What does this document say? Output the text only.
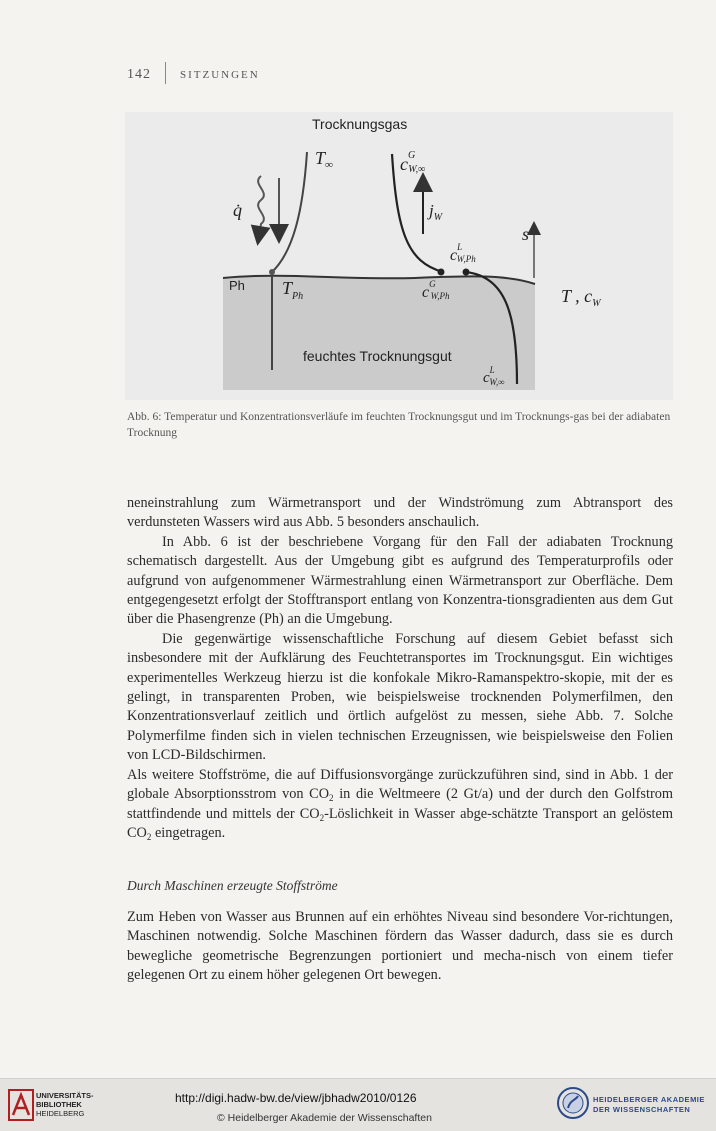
142	SITZUNGEN
Trocknungsgas
$T_\infty$	$c^G$ W,∞
q̇	$j_W$
$c^L$ W,Ph
s
$T_{Ph}$	$c^G$ W,Ph	T , $c_W$
$c^L$ W,∞
Ph
feuchtes Trocknungsgut
Abb. 6: Temperatur und Konzentrationsverläufe im feuchten Trocknungsgut und im Trocknungs-gas bei der adiabaten Trocknung

neneinstrahlung zum Wärmetransport und der Windströmung zum Abtransport des verdunsteten Wassers wird aus Abb. 5 besonders anschaulich.

In Abb. 6 ist der beschriebene Vorgang für den Fall der adiabaten Trocknung schematisch dargestellt. Aus der Umgebung gibt es aufgrund des Temperaturprofils oder aufgrund von aufgenommener Wärmestrahlung einen Wärmetransport zur Oberfläche. Dem entgegengesetzt erfolgt der Stofftransport entlang von Konzentra-tionsgradienten aus dem Gut über die Phasengrenze (Ph) an die Umgebung.

Die gegenwärtige wissenschaftliche Forschung auf diesem Gebiet befasst sich insbesondere mit der Aufklärung des Feuchtetransportes im Trocknungsgut. Ein wichtiges experimentelles Werkzeug hierzu ist die konfokale Mikro-Ramanspektro-skopie, mit der es gelingt, in transparenten Proben, wie beispielsweise trocknenden Polymerfilmen, den Konzentrationsverlauf zeitlich und örtlich aufgelöst zu messen, siehe Abb. 7. Solche Polymerfilme finden sich in vielen technischen Erzeugnissen, wie beispielsweise den Folien von LCD-Bildschirmen.

Als weitere Stoffströme, die auf Diffusionsvorgänge zurückzuführen sind, sind in Abb. 1 der globale Absorptionsstrom von $CO_2$ in die Weltmeere (2 Gt/a) und der durch den Golfstrom stattfindende und mittels der $CO_2$-Löslichkeit in Wasser abge-schätzte Transport an gelöstem $CO_2$ eingetragen.

Durch Maschinen erzeugte Stoffströme

Zum Heben von Wasser aus Brunnen auf ein erhöhtes Niveau sind besondere Vor-richtungen, Maschinen notwendig. Solche Maschinen fördern das Wasser dadurch, dass sie es durch bewegliche geometrische Begrenzungen portioniert und mecha-nisch von einem tiefer gelegenen Ort zu einem höher gelegenen Ort bewegen.

UNIVERSITÄTS-
BIBLIOTHEK
HEIDELBERG
http://digi.hadw-bw.de/view/jbhadw2010/0126
© Heidelberger Akademie der Wissenschaften
HEIDELBERGER AKADEMIE
DER WISSENSCHAFTEN
